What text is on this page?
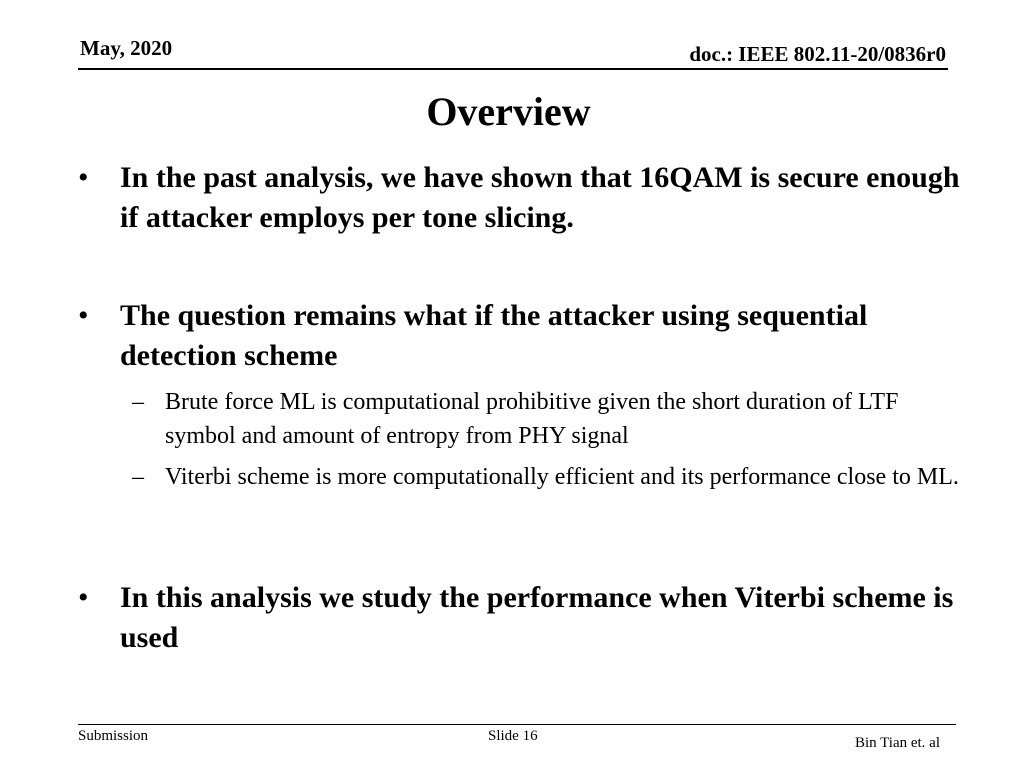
May, 2020	doc.: IEEE 802.11-20/0836r0
Overview
• In the past analysis, we have shown that 16QAM is secure enough if attacker employs per tone slicing.
• The question remains what if the attacker using sequential detection scheme
– Brute force ML is computational prohibitive given the short duration of LTF symbol and amount of entropy from PHY signal
– Viterbi scheme is more computationally efficient and its performance close to ML.
• In this analysis we study the performance when Viterbi scheme is used
Submission	Slide 16	Bin Tian et. al
